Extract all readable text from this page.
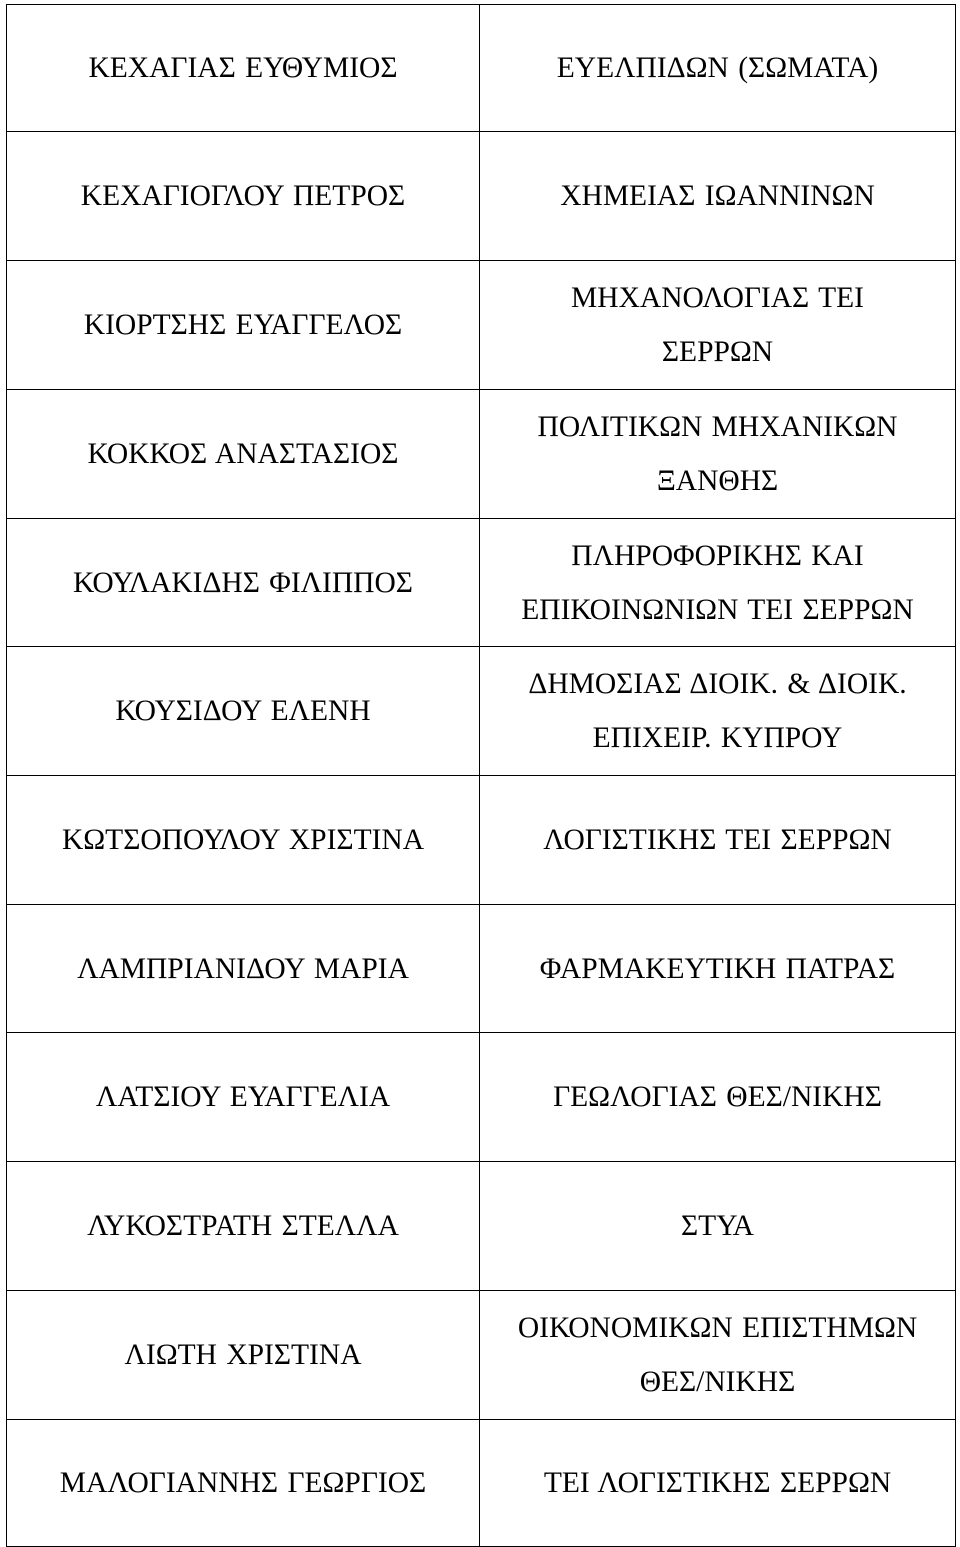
ΚΕΧΑΓΙΑΣ ΕΥΘΥΜΙΟΣ	ΕΥΕΛΠΙΔΩΝ (ΣΩΜΑΤΑ)
ΚΕΧΑΓΙΟΓΛΟΥ ΠΕΤΡΟΣ	ΧΗΜΕΙΑΣ ΙΩΑΝΝΙΝΩΝ
ΚΙΟΡΤΣΗΣ ΕΥΑΓΓΕΛΟΣ	ΜΗΧΑΝΟΛΟΓΙΑΣ ΤΕΙ
ΣΕΡΡΩΝ
ΚΟΚΚΟΣ ΑΝΑΣΤΑΣΙΟΣ	ΠΟΛΙΤΙΚΩΝ ΜΗΧΑΝΙΚΩΝ
ΞΑΝΘΗΣ
ΚΟΥΛΑΚΙΔΗΣ ΦΙΛΙΠΠΟΣ	ΠΛΗΡΟΦΟΡΙΚΗΣ ΚΑΙ
ΕΠΙΚΟΙΝΩΝΙΩΝ ΤΕΙ ΣΕΡΡΩΝ
ΚΟΥΣΙΔΟΥ ΕΛΕΝΗ	ΔΗΜΟΣΙΑΣ ΔΙΟΙΚ. & ΔΙΟΙΚ.
ΕΠΙΧΕΙΡ. ΚΥΠΡΟΥ
ΚΩΤΣΟΠΟΥΛΟΥ ΧΡΙΣΤΙΝΑ	ΛΟΓΙΣΤΙΚΗΣ ΤΕΙ ΣΕΡΡΩΝ
ΛΑΜΠΡΙΑΝΙΔΟΥ ΜΑΡΙΑ	ΦΑΡΜΑΚΕΥΤΙΚΗ ΠΑΤΡΑΣ
ΛΑΤΣΙΟΥ ΕΥΑΓΓΕΛΙΑ	ΓΕΩΛΟΓΙΑΣ ΘΕΣ/ΝΙΚΗΣ
ΛΥΚΟΣΤΡΑΤΗ ΣΤΕΛΛΑ	ΣΤΥΑ
ΛΙΩΤΗ ΧΡΙΣΤΙΝΑ	ΟΙΚΟΝΟΜΙΚΩΝ ΕΠΙΣΤΗΜΩΝ
ΘΕΣ/ΝΙΚΗΣ
ΜΑΛΟΓΙΑΝΝΗΣ ΓΕΩΡΓΙΟΣ	ΤΕΙ ΛΟΓΙΣΤΙΚΗΣ ΣΕΡΡΩΝ
